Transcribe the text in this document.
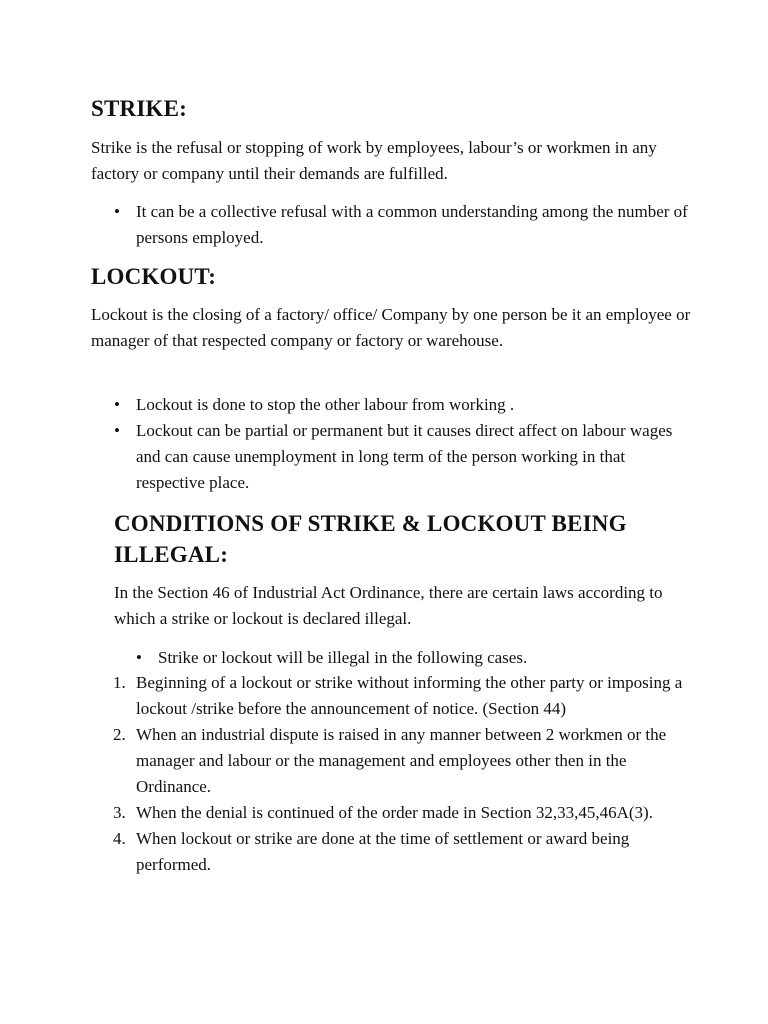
STRIKE:

Strike is the refusal or stopping of work by employees, labour’s or workmen in any factory or company until their demands are fulfilled.

• It can be a collective refusal with a common understanding among the number of persons employed.
LOCKOUT:

Lockout is the closing of a factory/ office/ Company by one person be it an employee or manager of that respected company or factory or warehouse.

• Lockout is done to stop the other labour from working .
• Lockout can be partial or permanent but it causes direct affect on labour wages and can cause unemployment in long term of the person working in that respective place.
CONDITIONS OF STRIKE & LOCKOUT BEING ILLEGAL:

In the Section 46 of Industrial Act Ordinance, there are certain laws according to which a strike or lockout is declared illegal.

• Strike or lockout will be illegal in the following cases.
1. Beginning of a lockout or strike without informing the other party or imposing a lockout /strike before the announcement of notice. (Section 44)
2. When an industrial dispute is raised in any manner between 2 workmen or the manager and labour or the management and employees other then in the Ordinance.
3. When the denial is continued of the order made in Section 32,33,45,46A(3).
4. When lockout or strike are done at the time of settlement or award being performed.
